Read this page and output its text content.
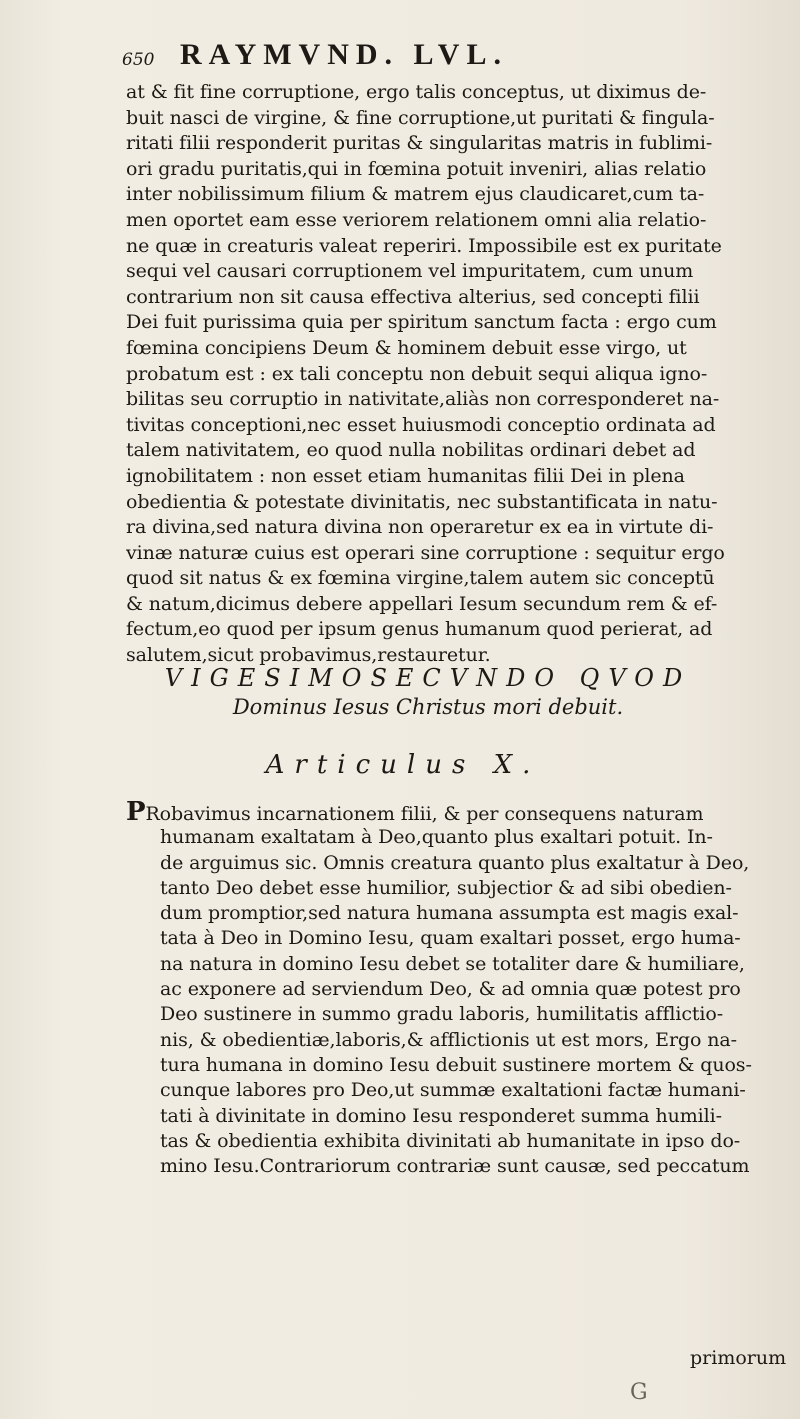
650 RAYMVND. LVL.
at & fit fine corruptione, ergo talis conceptus, ut diximus de-
buit nasci de virgine, & fine corruptione,ut puritati & fingula-
ritati filii responderit puritas & singularitas matris in fublimi-
ori gradu puritatis,qui in fœmina potuit inveniri, alias relatio
inter nobilissimum filium & matrem ejus claudicaret,cum ta-
men oportet eam esse veriorem relationem omni alia relatio-
ne quæ in creaturis valeat reperiri. Impossibile est ex puritate
sequi vel causari corruptionem vel impuritatem, cum unum
contrarium non sit causa effectiva alterius, sed concepti filii
Dei fuit purissima quia per spiritum sanctum facta : ergo cum
fœmina concipiens Deum & hominem debuit esse virgo, ut
probatum est : ex tali conceptu non debuit sequi aliqua igno-
bilitas seu corruptio in nativitate,aliàs non corresponderet na-
tivitas conceptioni,nec esset huiusmodi conceptio ordinata ad
talem nativitatem, eo quod nulla nobilitas ordinari debet ad
ignobilitatem : non esset etiam humanitas filii Dei in plena
obedientia & potestate divinitatis, nec substantificata in natu-
ra divina,sed natura divina non operaretur ex ea in virtute di-
vinæ naturæ cuius est operari sine corruptione : sequitur ergo
quod sit natus & ex fœmina virgine,talem autem sic conceptū
& natum,dicimus debere appellari Iesum secundum rem & ef-
fectum,eo quod per ipsum genus humanum quod perierat, ad
salutem,sicut probavimus,restauretur.
VIGESIMOSECVNDO QVOD
Dominus Iesus Christus mori debuit.
Articulus X.
PRobavimus incarnationem filii, & per consequens naturam
humanam exaltatam à Deo,quanto plus exaltari potuit. In-
de arguimus sic. Omnis creatura quanto plus exaltatur à Deo,
tanto Deo debet esse humilior, subjectior & ad sibi obedien-
dum promptior,sed natura humana assumpta est magis exal-
tata à Deo in Domino Iesu, quam exaltari posset, ergo huma-
na natura in domino Iesu debet se totaliter dare & humiliare,
ac exponere ad serviendum Deo, & ad omnia quæ potest pro
Deo sustinere in summo gradu laboris, humilitatis afflictio-
nis, & obedientiæ,laboris,& afflictionis ut est mors, Ergo na-
tura humana in domino Iesu debuit sustinere mortem & quos-
cunque labores pro Deo,ut summæ exaltationi factæ humani-
tati à divinitate in domino Iesu responderet summa humili-
tas & obedientia exhibita divinitati ab humanitate in ipso do-
mino Iesu.Contrariorum contrariæ sunt causæ, sed peccatum
primorum
G
